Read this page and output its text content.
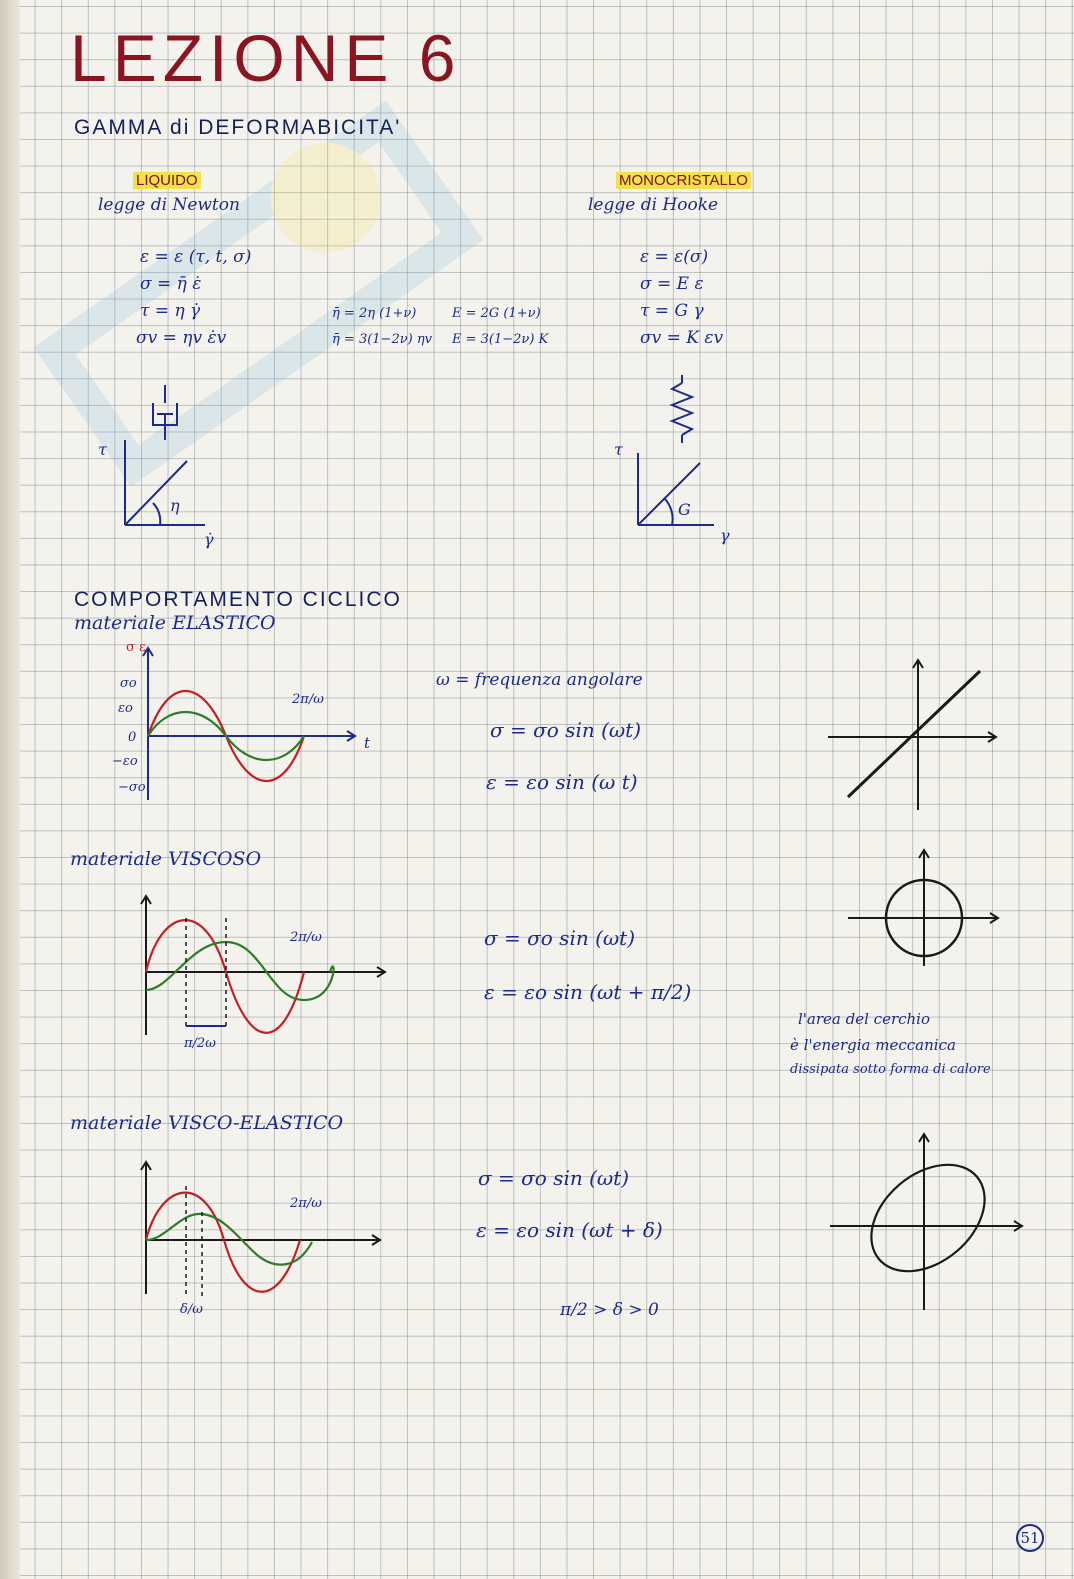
LEZIONE 6
GAMMA di DEFORMABICITA'
LIQUIDO
legge di Newton
ε = ε (τ, t, σ)
σ = η̄ ε̇
τ = η γ̇
σv = ηv ε̇v
η̄ = 2η (1+ν)
η̄ = 3(1−2ν) ηv
E = 2G (1+ν)
E = 3(1−2ν) K
τ
γ̇
η
MONOCRISTALLO
legge di Hooke
ε = ε(σ)
σ = E ε
τ = G γ
σv = K εv
τ
γ
G
COMPORTAMENTO CICLICO
materiale ELASTICO
σ ε
σo
εo
0
−εo
−σo
2π/ω
t
ω = frequenza angolare
σ = σo sin (ωt)
ε = εo sin (ω t)
materiale VISCOSO
2π/ω
π/2ω
σ = σo sin (ωt)
ε = εo sin (ωt + π/2)
l'area del cerchio
è l'energia meccanica
dissipata sotto forma di calore
materiale VISCO-ELASTICO
2π/ω
δ/ω
σ = σo sin (ωt)
ε = εo sin (ωt + δ)
π/2 > δ > 0
51
